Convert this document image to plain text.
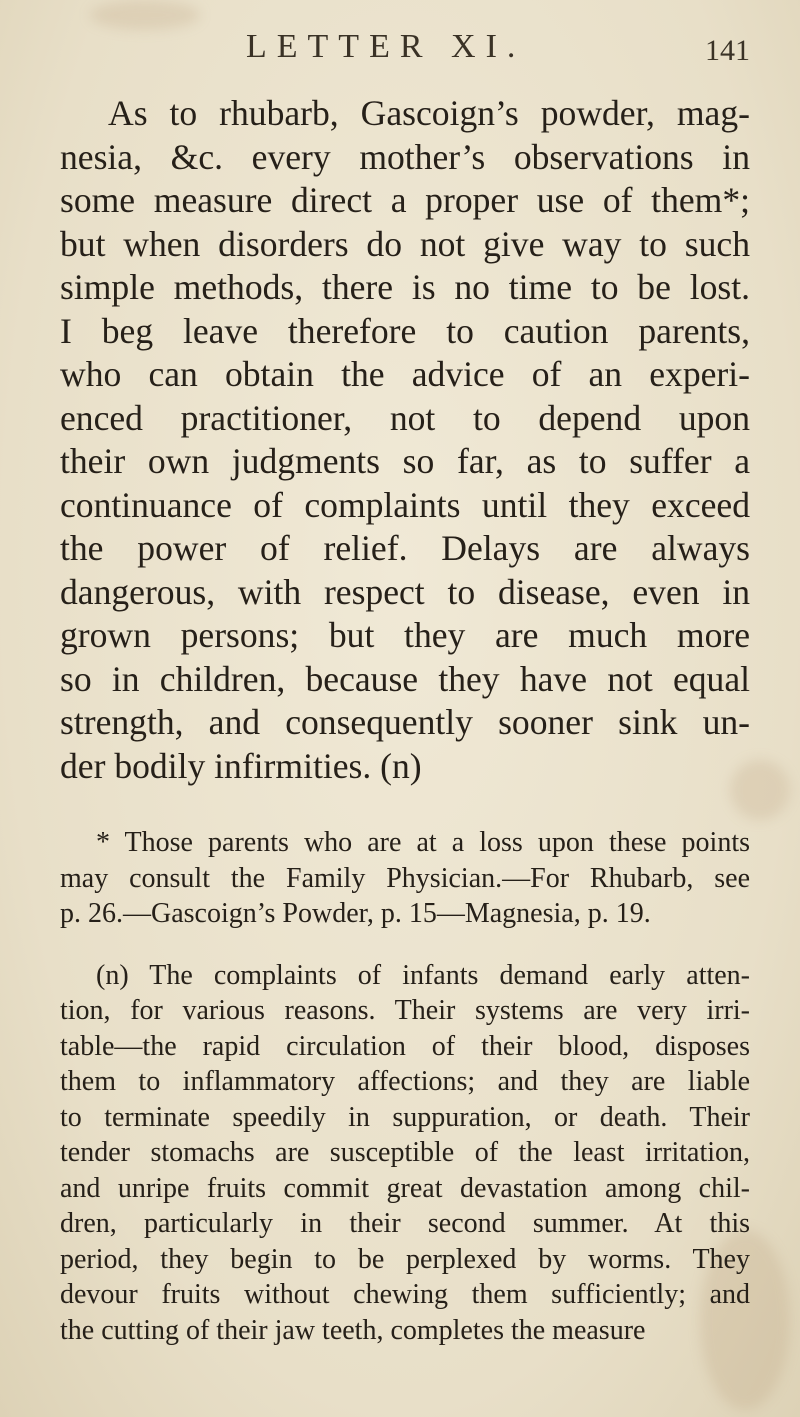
LETTER XI.	141
As to rhubarb, Gascoign’s powder, mag-
nesia, &c. every mother’s observations in
some measure direct a proper use of them*;
but when disorders do not give way to such
simple methods, there is no time to be lost.
I beg leave therefore to caution parents,
who can obtain the advice of an experi-
enced practitioner, not to depend upon
their own judgments so far, as to suffer a
continuance of complaints until they exceed
the power of relief. Delays are always
dangerous, with respect to disease, even in
grown persons; but they are much more
so in children, because they have not equal
strength, and consequently sooner sink un-
der bodily infirmities. (n)
* Those parents who are at a loss upon these points
may consult the Family Physician.—For Rhubarb, see
p. 26.—Gascoign’s Powder, p. 15—Magnesia, p. 19.
(n) The complaints of infants demand early atten-
tion, for various reasons. Their systems are very irri-
table—the rapid circulation of their blood, disposes
them to inflammatory affections; and they are liable
to terminate speedily in suppuration, or death. Their
tender stomachs are susceptible of the least irritation,
and unripe fruits commit great devastation among chil-
dren, particularly in their second summer. At this
period, they begin to be perplexed by worms. They
devour fruits without chewing them sufficiently; and
the cutting of their jaw teeth, completes the measure
